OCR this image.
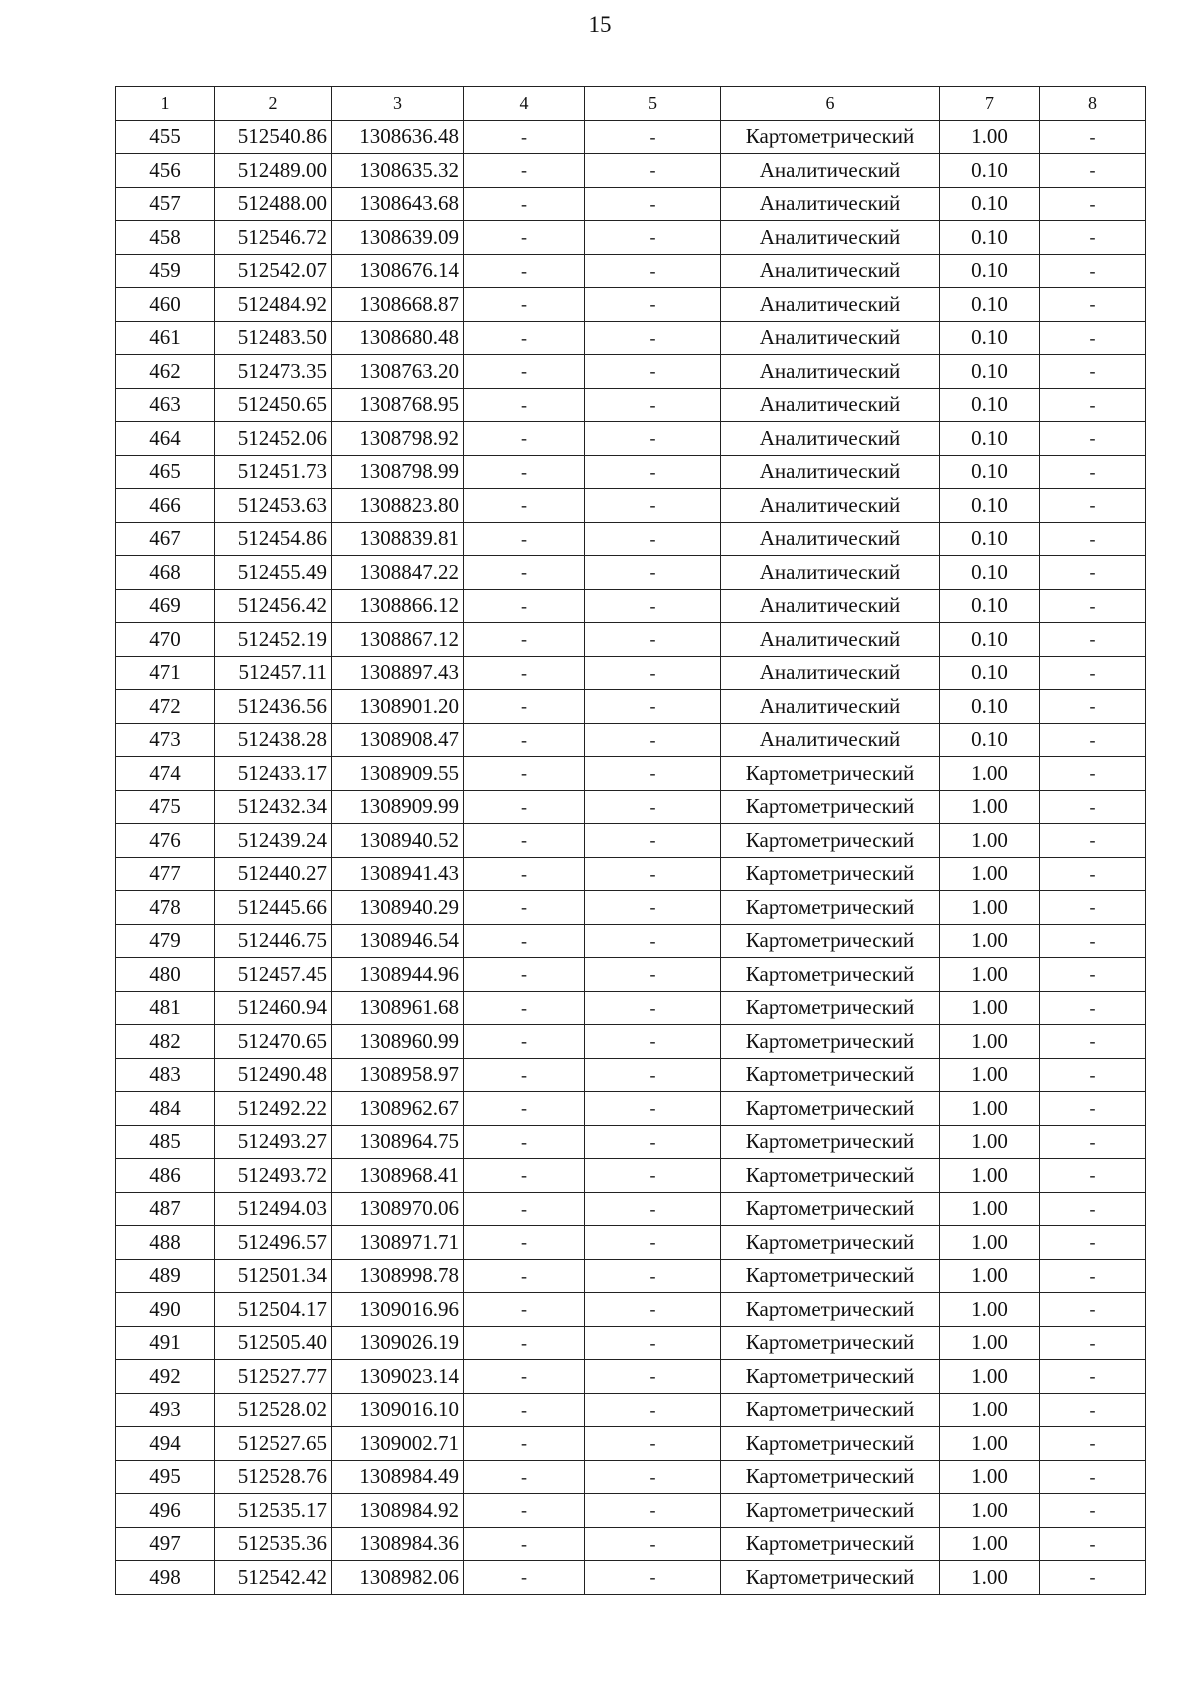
15
1	2	3	4	5	6	7	8
455	512540.86	1308636.48	-	-	Картометрический	1.00	-
456	512489.00	1308635.32	-	-	Аналитический	0.10	-
457	512488.00	1308643.68	-	-	Аналитический	0.10	-
458	512546.72	1308639.09	-	-	Аналитический	0.10	-
459	512542.07	1308676.14	-	-	Аналитический	0.10	-
460	512484.92	1308668.87	-	-	Аналитический	0.10	-
461	512483.50	1308680.48	-	-	Аналитический	0.10	-
462	512473.35	1308763.20	-	-	Аналитический	0.10	-
463	512450.65	1308768.95	-	-	Аналитический	0.10	-
464	512452.06	1308798.92	-	-	Аналитический	0.10	-
465	512451.73	1308798.99	-	-	Аналитический	0.10	-
466	512453.63	1308823.80	-	-	Аналитический	0.10	-
467	512454.86	1308839.81	-	-	Аналитический	0.10	-
468	512455.49	1308847.22	-	-	Аналитический	0.10	-
469	512456.42	1308866.12	-	-	Аналитический	0.10	-
470	512452.19	1308867.12	-	-	Аналитический	0.10	-
471	512457.11	1308897.43	-	-	Аналитический	0.10	-
472	512436.56	1308901.20	-	-	Аналитический	0.10	-
473	512438.28	1308908.47	-	-	Аналитический	0.10	-
474	512433.17	1308909.55	-	-	Картометрический	1.00	-
475	512432.34	1308909.99	-	-	Картометрический	1.00	-
476	512439.24	1308940.52	-	-	Картометрический	1.00	-
477	512440.27	1308941.43	-	-	Картометрический	1.00	-
478	512445.66	1308940.29	-	-	Картометрический	1.00	-
479	512446.75	1308946.54	-	-	Картометрический	1.00	-
480	512457.45	1308944.96	-	-	Картометрический	1.00	-
481	512460.94	1308961.68	-	-	Картометрический	1.00	-
482	512470.65	1308960.99	-	-	Картометрический	1.00	-
483	512490.48	1308958.97	-	-	Картометрический	1.00	-
484	512492.22	1308962.67	-	-	Картометрический	1.00	-
485	512493.27	1308964.75	-	-	Картометрический	1.00	-
486	512493.72	1308968.41	-	-	Картометрический	1.00	-
487	512494.03	1308970.06	-	-	Картометрический	1.00	-
488	512496.57	1308971.71	-	-	Картометрический	1.00	-
489	512501.34	1308998.78	-	-	Картометрический	1.00	-
490	512504.17	1309016.96	-	-	Картометрический	1.00	-
491	512505.40	1309026.19	-	-	Картометрический	1.00	-
492	512527.77	1309023.14	-	-	Картометрический	1.00	-
493	512528.02	1309016.10	-	-	Картометрический	1.00	-
494	512527.65	1309002.71	-	-	Картометрический	1.00	-
495	512528.76	1308984.49	-	-	Картометрический	1.00	-
496	512535.17	1308984.92	-	-	Картометрический	1.00	-
497	512535.36	1308984.36	-	-	Картометрический	1.00	-
498	512542.42	1308982.06	-	-	Картометрический	1.00	-
